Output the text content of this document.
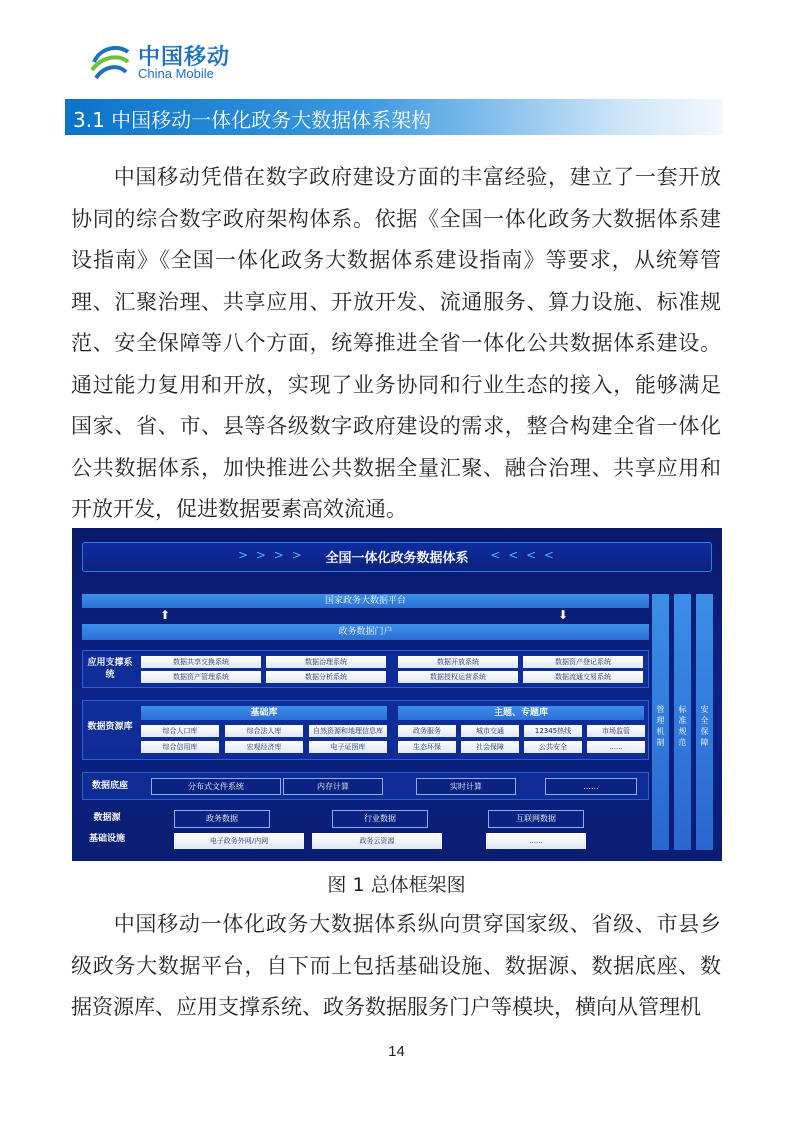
中国移动
China Mobile
3.1 中国移动一体化政务大数据体系架构
中国移动凭借在数字政府建设方面的丰富经验，建立了一套开放协同的综合数字政府架构体系。依据《全国一体化政务大数据体系建设指南》《全国一体化政务大数据体系建设指南》等要求，从统筹管理、汇聚治理、共享应用、开放开发、流通服务、算力设施、标准规范、安全保障等八个方面，统筹推进全省一体化公共数据体系建设。通过能力复用和开放，实现了业务协同和行业生态的接入，能够满足国家、省、市、县等各级数字政府建设的需求，整合构建全省一体化公共数据体系，加快推进公共数据全量汇聚、融合治理、共享应用和开放开发，促进数据要素高效流通。
> > > >	全国一体化政务数据体系	< < < <
国家政务大数据平台
⬆	⬇
政务数据门户
应用支撑系统
数据共享交换系统	数据治理系统	数据开放系统	数据资产登记系统
数据资产管理系统	数据分析系统	数据授权运营系统	数据流通交易系统
数据资源库
基础库	主题、专题库
综合人口库	综合法人库	自然资源和地理信息库
综合信用库	宏观经济库	电子证照库
政务服务	城市交通	12345热线	市场监管
生态环保	社会保障	公共安全	......
数据底座	分布式文件系统	内存计算	实时计算	......
数据源	政务数据	行业数据	互联网数据
基础设施	电子政务外网/内网	政务云资源	......
管
理
机
制
标
准
规
范
安
全
保
障
图 1 总体框架图
中国移动一体化政务大数据体系纵向贯穿国家级、省级、市县乡级政务大数据平台，自下而上包括基础设施、数据源、数据底座、数据资源库、应用支撑系统、政务数据服务门户等模块，横向从管理机
14
